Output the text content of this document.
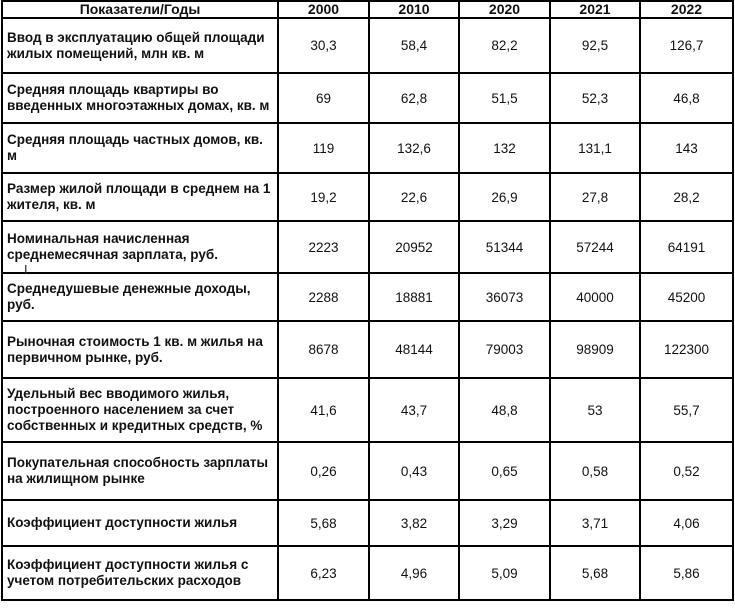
Показатели/Годы	2000	2010	2020	2021	2022
Ввод в эксплуатацию общей площади жилых помещений, млн кв. м	30,3	58,4	82,2	92,5	126,7
Средняя площадь квартиры во введенных многоэтажных домах, кв. м	69	62,8	51,5	52,3	46,8
Средняя площадь частных домов, кв. м	119	132,6	132	131,1	143
Размер жилой площади в среднем на 1 жителя, кв. м	19,2	22,6	26,9	27,8	28,2
Номинальная начисленная среднемесячная зарплата, руб.	2223	20952	51344	57244	64191
Среднедушевые денежные доходы, руб.	2288	18881	36073	40000	45200
Рыночная стоимость 1 кв. м жилья на первичном рынке, руб.	8678	48144	79003	98909	122300
Удельный вес вводимого жилья, построенного населением за счет собственных и кредитных средств, %	41,6	43,7	48,8	53	55,7
Покупательная способность зарплаты на жилищном рынке	0,26	0,43	0,65	0,58	0,52
Коэффициент доступности жилья	5,68	3,82	3,29	3,71	4,06
Коэффициент доступности жилья с учетом потребительских расходов	6,23	4,96	5,09	5,68	5,86
I
